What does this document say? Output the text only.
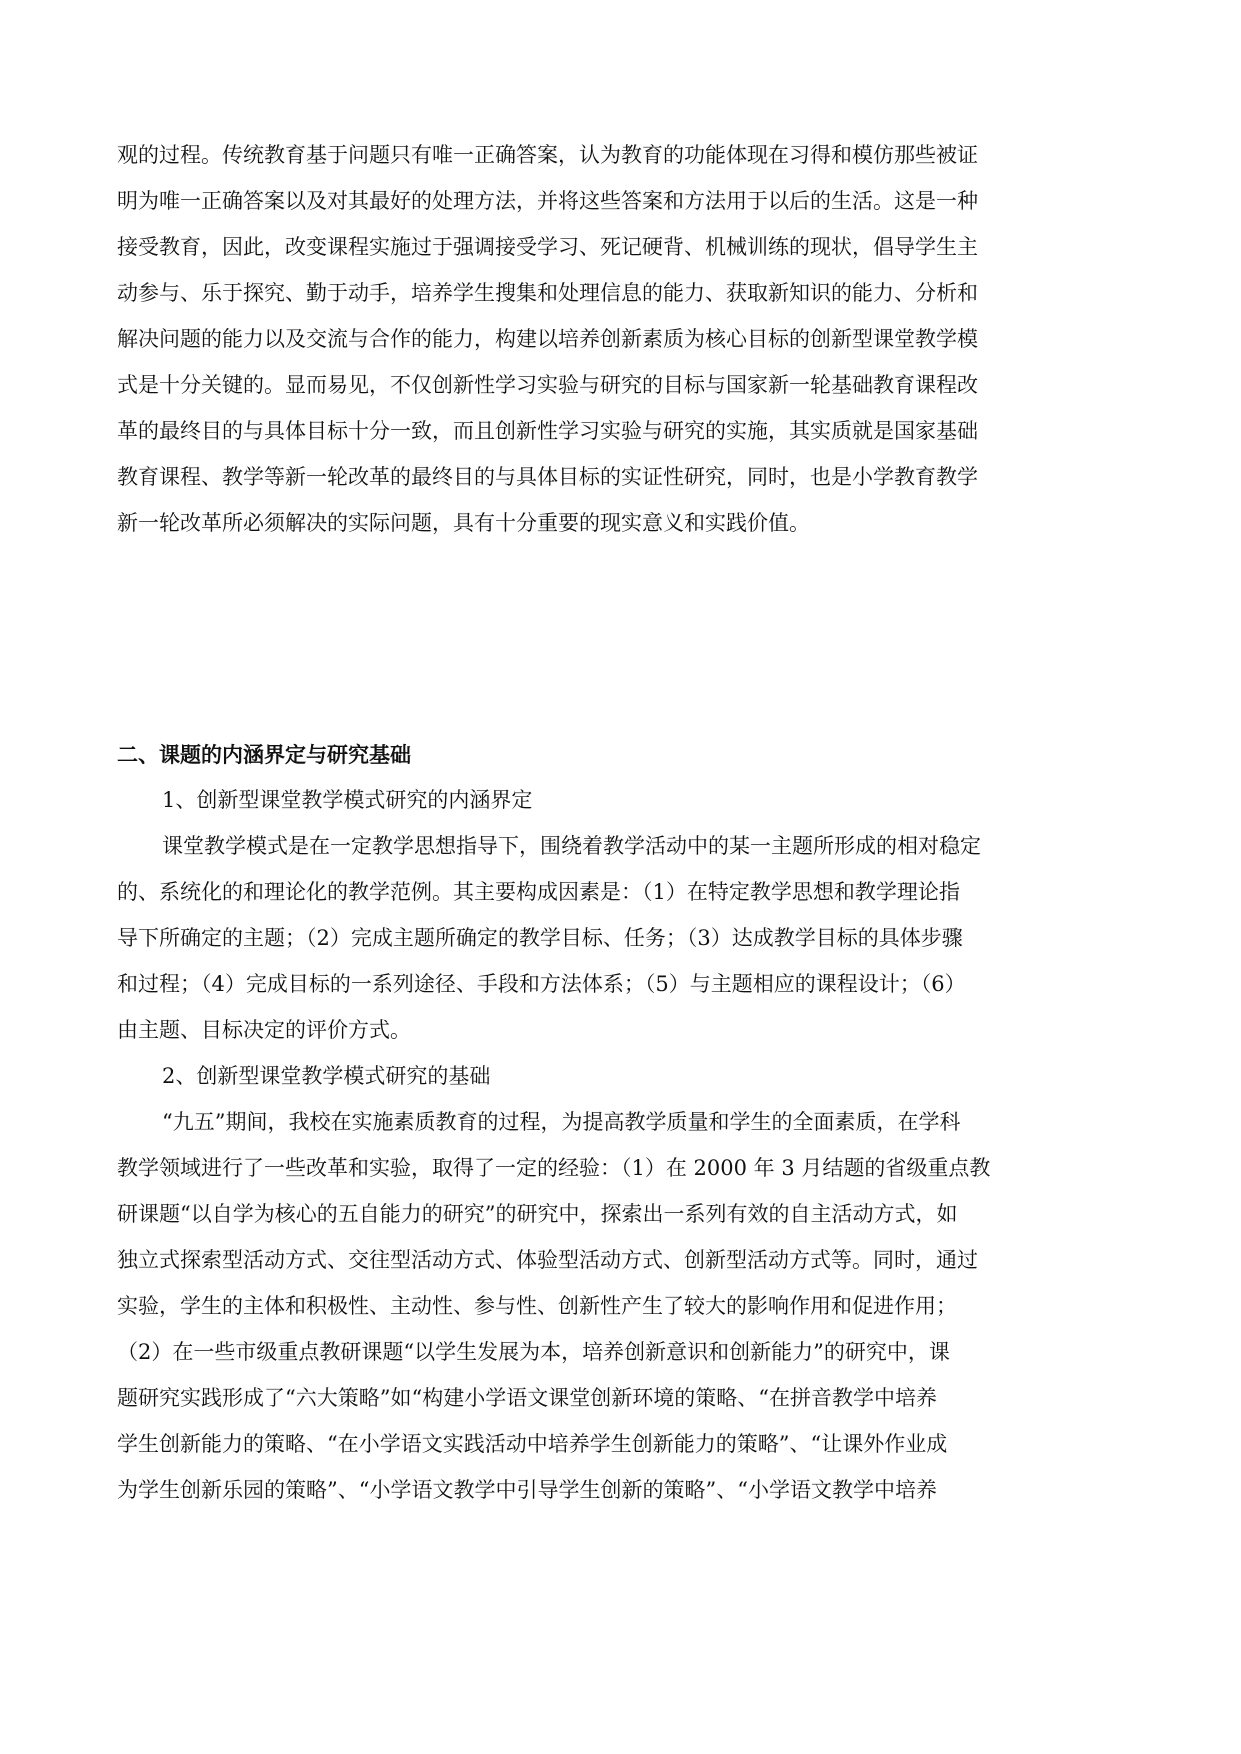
观的过程。传统教育基于问题只有唯一正确答案，认为教育的功能体现在习得和模仿那些被证
明为唯一正确答案以及对其最好的处理方法，并将这些答案和方法用于以后的生活。这是一种
接受教育，因此，改变课程实施过于强调接受学习、死记硬背、机械训练的现状，倡导学生主
动参与、乐于探究、勤于动手，培养学生搜集和处理信息的能力、获取新知识的能力、分析和
解决问题的能力以及交流与合作的能力，构建以培养创新素质为核心目标的创新型课堂教学模
式是十分关键的。显而易见，不仅创新性学习实验与研究的目标与国家新一轮基础教育课程改
革的最终目的与具体目标十分一致，而且创新性学习实验与研究的实施，其实质就是国家基础
教育课程、教学等新一轮改革的最终目的与具体目标的实证性研究，同时，也是小学教育教学
新一轮改革所必须解决的实际问题，具有十分重要的现实意义和实践价值。
二、课题的内涵界定与研究基础
1、创新型课堂教学模式研究的内涵界定
课堂教学模式是在一定教学思想指导下，围绕着教学活动中的某一主题所形成的相对稳定
的、系统化的和理论化的教学范例。其主要构成因素是：（1）在特定教学思想和教学理论指
导下所确定的主题；（2）完成主题所确定的教学目标、任务；（3）达成教学目标的具体步骤
和过程；（4）完成目标的一系列途径、手段和方法体系；（5）与主题相应的课程设计；（6）
由主题、目标决定的评价方式。
2、创新型课堂教学模式研究的基础
“九五”期间，我校在实施素质教育的过程，为提高教学质量和学生的全面素质，在学科
教学领域进行了一些改革和实验，取得了一定的经验：（1）在 2000 年 3 月结题的省级重点教
研课题“以自学为核心的五自能力的研究”的研究中，探索出一系列有效的自主活动方式，如
独立式探索型活动方式、交往型活动方式、体验型活动方式、创新型活动方式等。同时，通过
实验，学生的主体和积极性、主动性、参与性、创新性产生了较大的影响作用和促进作用；
（2）在一些市级重点教研课题“以学生发展为本，培养创新意识和创新能力”的研究中，课
题研究实践形成了“六大策略”如“构建小学语文课堂创新环境的策略、“在拼音教学中培养
学生创新能力的策略、“在小学语文实践活动中培养学生创新能力的策略”、“让课外作业成
为学生创新乐园的策略”、“小学语文教学中引导学生创新的策略”、“小学语文教学中培养
